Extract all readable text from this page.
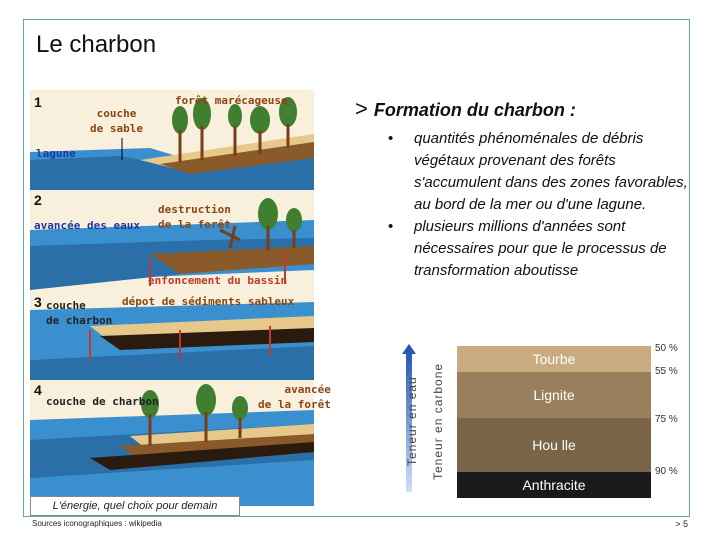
Le charbon
1
couche
de sable
forêt marécageuse
lagune
2
avancée des eaux
destruction
de la forêt
enfoncement du bassin
3 couche
de charbon
dépot de sédiments sableux
4
couche de charbon
avancée
de la forêt
L'énergie, quel choix pour demain
Sources iconographiques : wikipedia	> 5
> Formation du charbon :
• quantités phénoménales de débris végétaux provenant des forêts s'accumulent dans des zones favorables, au bord de la mer ou d'une lagune.
• plusieurs millions d'années sont nécessaires pour que le processus de transformation aboutisse
Teneur en eau Teneur en carbone
Tourbe
Lignite
Hou lle
Anthracite
50 %
55 %
75 %
90 %
